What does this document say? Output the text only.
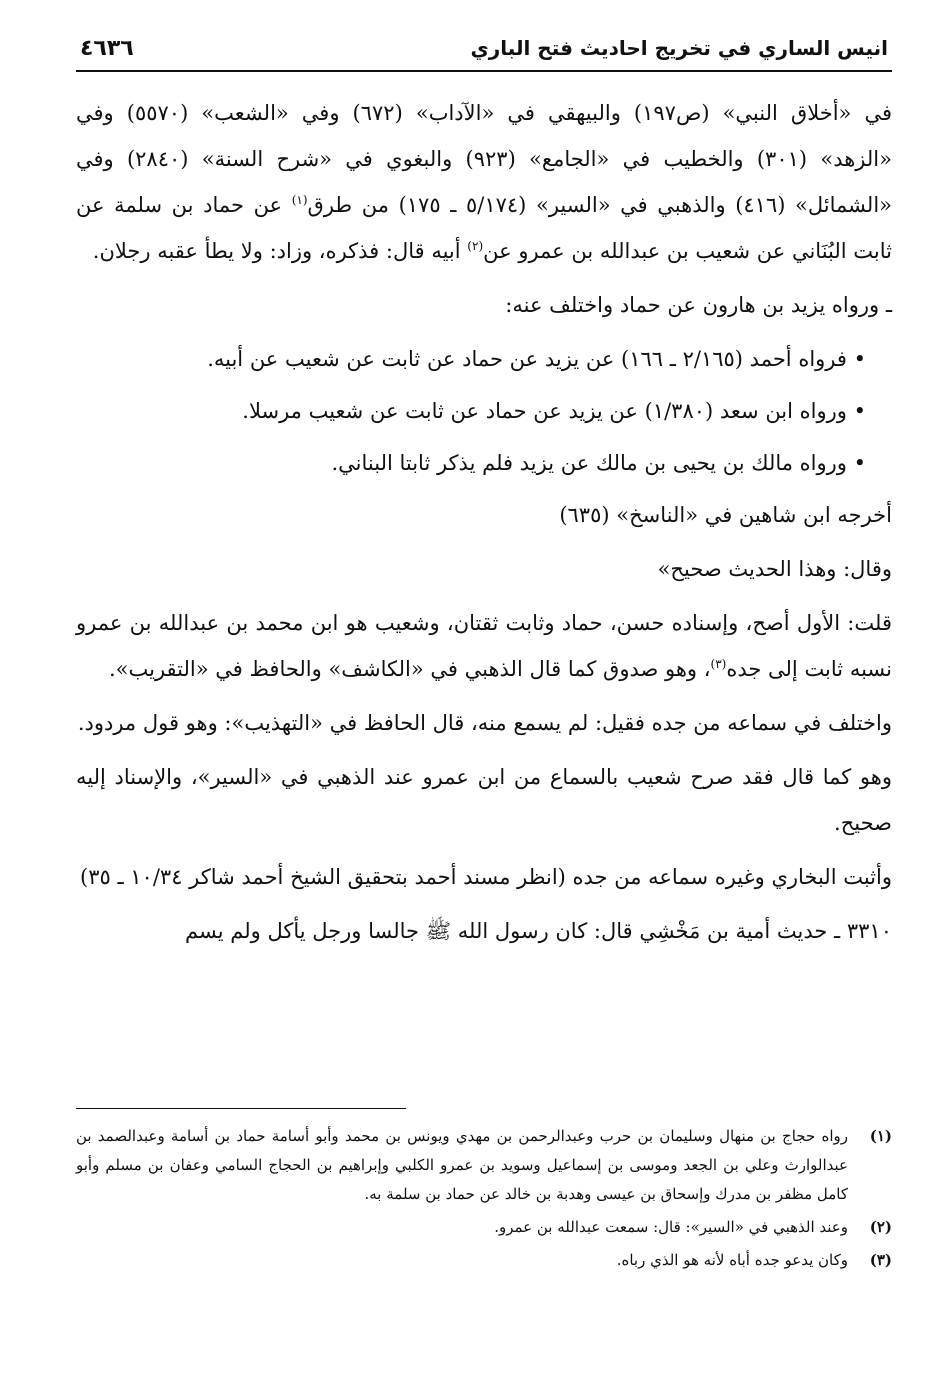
انيس الساري في تخريج احاديث فتح الباري
٤٦٣٦

في «أخلاق النبي» (ص١٩٧) والبيهقي في «الآداب» (٦٧٢) وفي «الشعب» (٥٥٧٠) وفي «الزهد» (٣٠١) والخطيب في «الجامع» (٩٢٣) والبغوي في «شرح السنة» (٢٨٤٠) وفي «الشمائل» (٤١٦) والذهبي في «السير» (٥/١٧٤ ـ ١٧٥) من طرق$^{(١)}$ عن حماد بن سلمة عن ثابت البُنَاني عن شعيب بن عبدالله بن عمرو عن$^{(٢)}$ أبيه قال: فذكره، وزاد: ولا يطأ عقبه رجلان.

ـ ورواه يزيد بن هارون عن حماد واختلف عنه:

• فرواه أحمد (٢/١٦٥ ـ ١٦٦) عن يزيد عن حماد عن ثابت عن شعيب عن أبيه.

• ورواه ابن سعد (١/٣٨٠) عن يزيد عن حماد عن ثابت عن شعيب مرسلا.

• ورواه مالك بن يحيى بن مالك عن يزيد فلم يذكر ثابتا البناني.

أخرجه ابن شاهين في «الناسخ» (٦٣٥)

وقال: وهذا الحديث صحيح»

قلت: الأول أصح، وإسناده حسن، حماد وثابت ثقتان، وشعيب هو ابن محمد بن عبدالله بن عمرو نسبه ثابت إلى جده$^{(٣)}$، وهو صدوق كما قال الذهبي في «الكاشف» والحافظ في «التقريب».

واختلف في سماعه من جده فقيل: لم يسمع منه، قال الحافظ في «التهذيب»: وهو قول مردود.

وهو كما قال فقد صرح شعيب بالسماع من ابن عمرو عند الذهبي في «السير»، والإسناد إليه صحيح.

وأثبت البخاري وغيره سماعه من جده (انظر مسند أحمد بتحقيق الشيخ أحمد شاكر ١٠/٣٤ ـ ٣٥)

٣٣١٠ ـ حديث أمية بن مَخْشِي قال: كان رسول الله ﷺ جالسا ورجل يأكل ولم يسم

(١)
رواه حجاج بن منهال وسليمان بن حرب وعبدالرحمن بن مهدي ويونس بن محمد وأبو أسامة حماد بن أسامة وعبدالصمد بن عبدالوارث وعلي بن الجعد وموسى بن إسماعيل وسويد بن عمرو الكلبي وإبراهيم بن الحجاج السامي وعفان بن مسلم وأبو كامل مظفر بن مدرك وإسحاق بن عيسى وهدبة بن خالد عن حماد بن سلمة به.
(٢)
وعند الذهبي في «السير»: قال: سمعت عبدالله بن عمرو.
(٣)
وكان يدعو جده أباه لأنه هو الذي رباه.
